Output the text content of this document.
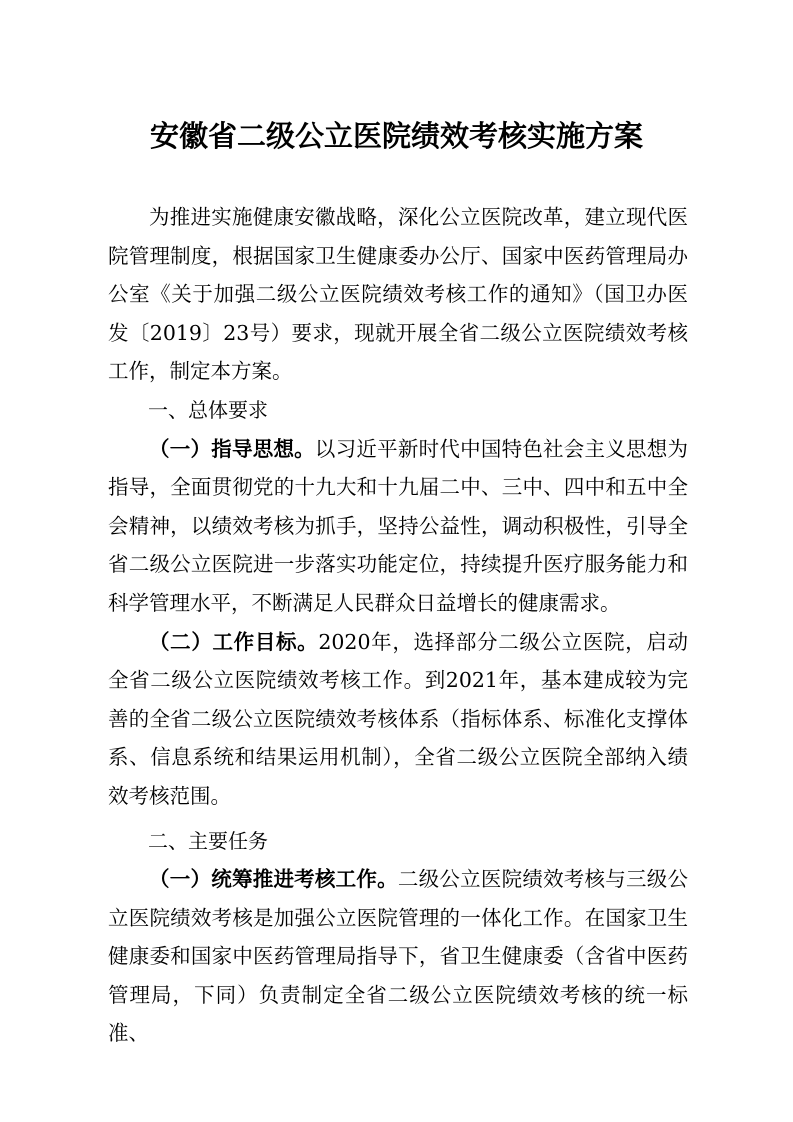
安徽省二级公立医院绩效考核实施方案

为推进实施健康安徽战略，深化公立医院改革，建立现代医院管理制度，根据国家卫生健康委办公厅、国家中医药管理局办公室《关于加强二级公立医院绩效考核工作的通知》（国卫办医发〔2019〕23号）要求，现就开展全省二级公立医院绩效考核工作，制定本方案。

一、总体要求

（一）指导思想。以习近平新时代中国特色社会主义思想为指导，全面贯彻党的十九大和十九届二中、三中、四中和五中全会精神，以绩效考核为抓手，坚持公益性，调动积极性，引导全省二级公立医院进一步落实功能定位，持续提升医疗服务能力和科学管理水平，不断满足人民群众日益增长的健康需求。

（二）工作目标。2020年，选择部分二级公立医院，启动全省二级公立医院绩效考核工作。到2021年，基本建成较为完善的全省二级公立医院绩效考核体系（指标体系、标准化支撑体系、信息系统和结果运用机制），全省二级公立医院全部纳入绩效考核范围。

二、主要任务

（一）统筹推进考核工作。二级公立医院绩效考核与三级公立医院绩效考核是加强公立医院管理的一体化工作。在国家卫生健康委和国家中医药管理局指导下，省卫生健康委（含省中医药管理局，下同）负责制定全省二级公立医院绩效考核的统一标准、
